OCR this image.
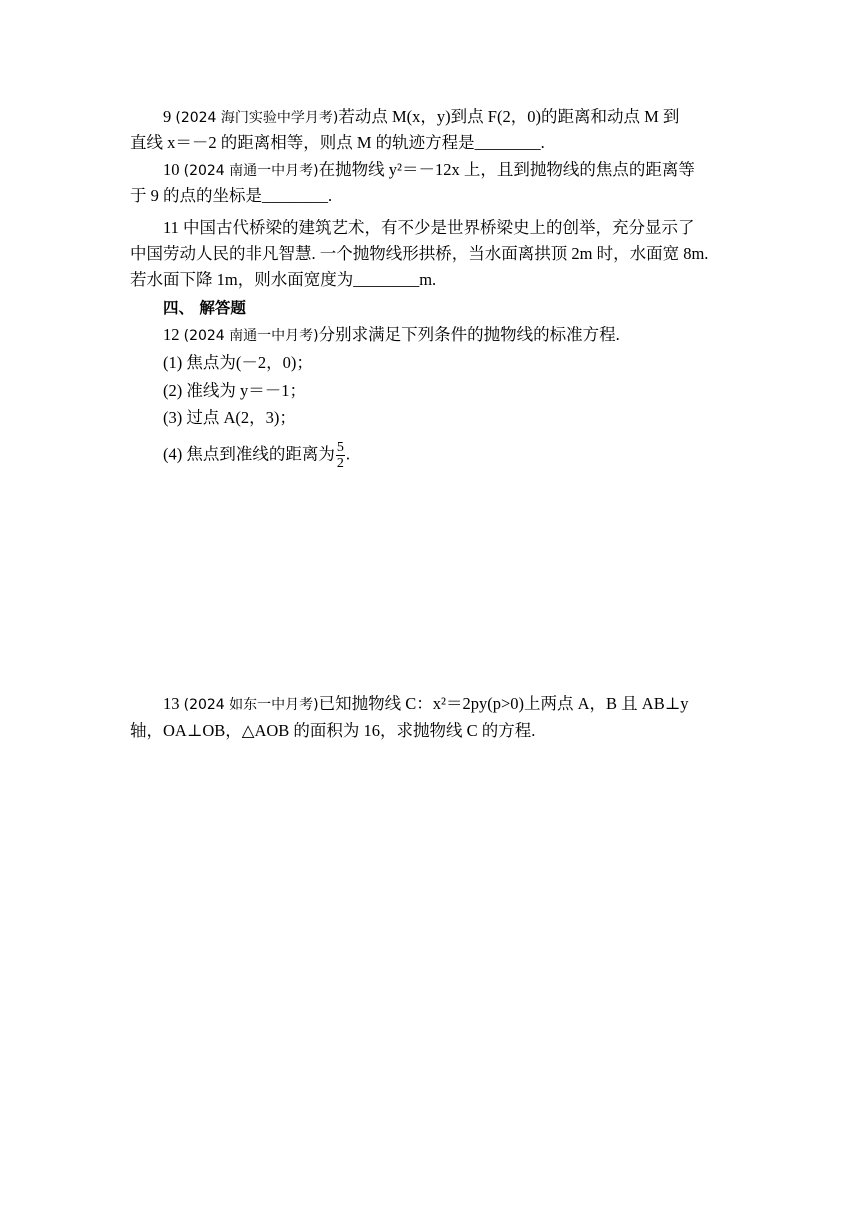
9 (2024 海门实验中学月考)若动点 M(x，y)到点 F(2，0)的距离和动点 M 到
直线 x＝－2 的距离相等，则点 M 的轨迹方程是________.
10 (2024 南通一中月考)在抛物线 y²＝－12x 上，且到抛物线的焦点的距离等
于 9 的点的坐标是________.
11 中国古代桥梁的建筑艺术，有不少是世界桥梁史上的创举，充分显示了
中国劳动人民的非凡智慧. 一个抛物线形拱桥，当水面离拱顶 2m 时，水面宽 8m.
若水面下降 1m，则水面宽度为________m.
四、 解答题
12 (2024 南通一中月考)分别求满足下列条件的抛物线的标准方程.
(1) 焦点为(－2，0)；
(2) 准线为 y＝－1；
(3) 过点 A(2，3)；
(4) 焦点到准线的距离为 $\frac{5}{2}$ .
13 (2024 如东一中月考)已知抛物线 C：x²＝2py(p>0)上两点 A，B 且 AB⊥y
轴，OA⊥OB，△AOB 的面积为 16，求抛物线 C 的方程.
